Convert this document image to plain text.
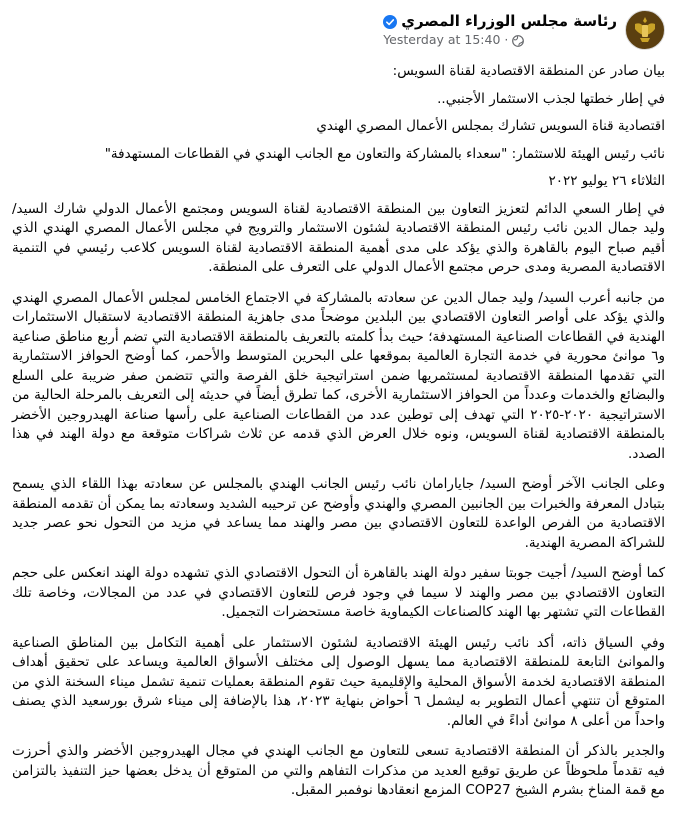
رئاسة مجلس الوزراء المصري
·
Yesterday at 15:40

بيان صادر عن المنطقة الاقتصادية لقناة السويس:

في إطار خطتها لجذب الاستثمار الأجنبي..

اقتصادية قناة السويس تشارك بمجلس الأعمال المصري الهندي

نائب رئيس الهيئة للاستثمار: "سعداء بالمشاركة والتعاون مع الجانب الهندي في القطاعات المستهدفة"

الثلاثاء ٢٦ يوليو ٢٠٢٢

في إطار السعي الدائم لتعزيز التعاون بين المنطقة الاقتصادية لقناة السويس ومجتمع الأعمال الدولي شارك السيد/ وليد جمال الدين نائب رئيس المنطقة الاقتصادية لشئون الاستثمار والترويج في مجلس الأعمال المصري الهندي الذي أقيم صباح اليوم بالقاهرة والذي يؤكد على مدى أهمية المنطقة الاقتصادية لقناة السويس كلاعب رئيسي في التنمية الاقتصادية المصرية ومدى حرص مجتمع الأعمال الدولي على التعرف على المنطقة.

من جانبه أعرب السيد/ وليد جمال الدين عن سعادته بالمشاركة في الاجتماع الخامس لمجلس الأعمال المصري الهندي والذي يؤكد على أواصر التعاون الاقتصادي بين البلدين موضحاً مدى جاهزية المنطقة الاقتصادية لاستقبال الاستثمارات الهندية في القطاعات الصناعية المستهدفة؛ حيث بدأ كلمته بالتعريف بالمنطقة الاقتصادية التي تضم أربع مناطق صناعية و٦ موانئ محورية في خدمة التجارة العالمية بموقعها على البحرين المتوسط والأحمر، كما أوضح الحوافز الاستثمارية التي تقدمها المنطقة الاقتصادية لمستثمريها ضمن استراتيجية خلق الفرصة والتي تتضمن صفر ضريبة على السلع والبضائع والخدمات وعدداً من الحوافز الاستثمارية الأخرى، كما تطرق أيضاً في حديثه إلى التعريف بالمرحلة الحالية من الاستراتيجية ٢٠٢٠-٢٠٢٥ التي تهدف إلى توطين عدد من القطاعات الصناعية على رأسها صناعة الهيدروجين الأخضر بالمنطقة الاقتصادية لقناة السويس، ونوه خلال العرض الذي قدمه عن ثلاث شراكات متوقعة مع دولة الهند في هذا الصدد.

وعلى الجانب الآخر أوضح السيد/ جايارامان نائب رئيس الجانب الهندي بالمجلس عن سعادته بهذا اللقاء الذي يسمح بتبادل المعرفة والخبرات بين الجانبين المصري والهندي وأوضح عن ترحيبه الشديد وسعادته بما يمكن أن تقدمه المنطقة الاقتصادية من الفرص الواعدة للتعاون الاقتصادي بين مصر والهند مما يساعد في مزيد من التحول نحو عصر جديد للشراكة المصرية الهندية.

كما أوضح السيد/ أجيت جوبتا سفير دولة الهند بالقاهرة أن التحول الاقتصادي الذي تشهده دولة الهند انعكس على حجم التعاون الاقتصادي بين مصر والهند لا سيما في وجود فرص للتعاون الاقتصادي في عدد من المجالات، وخاصة تلك القطاعات التي تشتهر بها الهند كالصناعات الكيماوية خاصة مستحضرات التجميل.

وفي السياق ذاته، أكد نائب رئيس الهيئة الاقتصادية لشئون الاستثمار على أهمية التكامل بين المناطق الصناعية والموانئ التابعة للمنطقة الاقتصادية مما يسهل الوصول إلى مختلف الأسواق العالمية ويساعد على تحقيق أهداف المنطقة الاقتصادية لخدمة الأسواق المحلية والإقليمية حيث تقوم المنطقة بعمليات تنمية تشمل ميناء السخنة الذي من المتوقع أن تنتهي أعمال التطوير به ليشمل ٦ أحواض بنهاية ٢٠٢٣، هذا بالإضافة إلى ميناء شرق بورسعيد الذي يصنف واحداً من أعلى ٨ موانئ أداءً في العالم.

والجدير بالذكر أن المنطقة الاقتصادية تسعى للتعاون مع الجانب الهندي في مجال الهيدروجين الأخضر والذي أحرزت فيه تقدماً ملحوظاً عن طريق توقيع العديد من مذكرات التفاهم والتي من المتوقع أن يدخل بعضها حيز التنفيذ بالتزامن مع قمة المناخ بشرم الشيخ COP27 المزمع انعقادها نوفمبر المقبل.
